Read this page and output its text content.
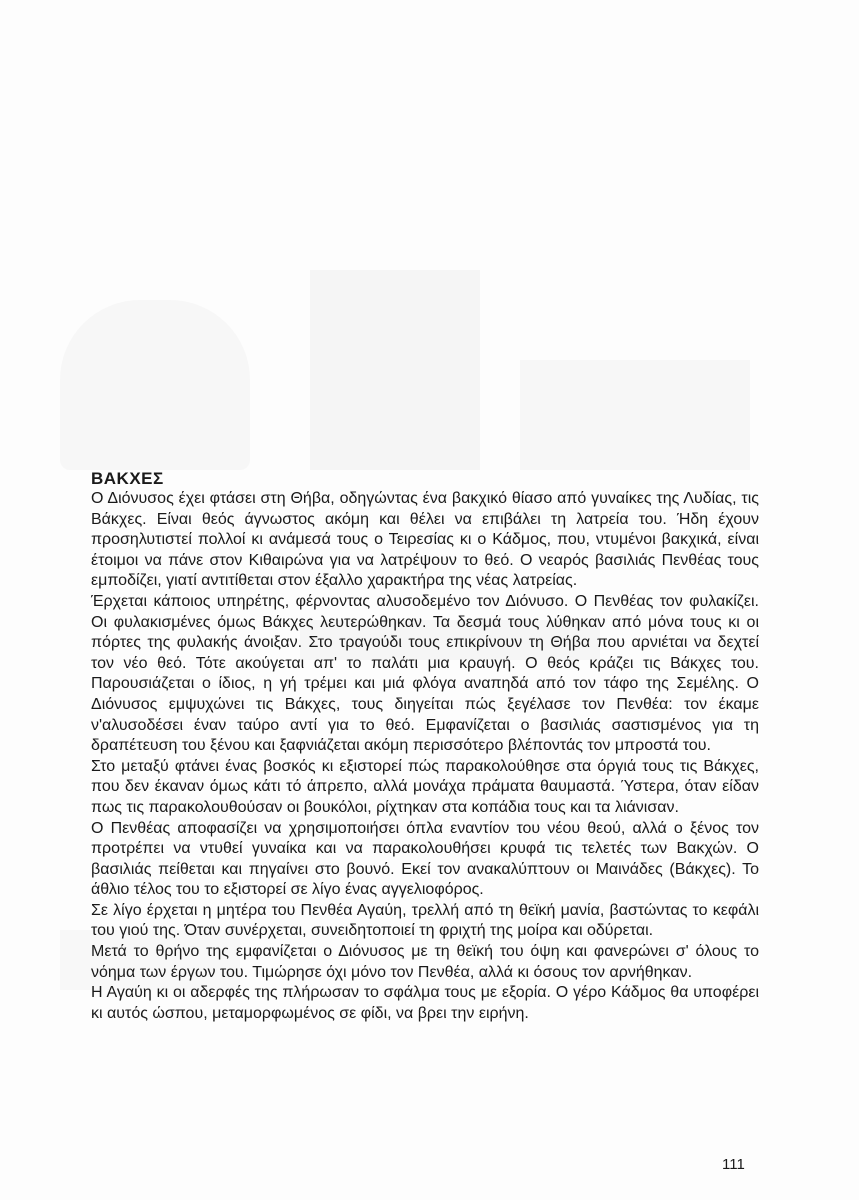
ΒΑΚΧΕΣ

Ο Διόνυσος έχει φτάσει στη Θήβα, οδηγώντας ένα βακχικό θίασο από γυναίκες της Λυδίας, τις Βάκχες. Είναι θεός άγνωστος ακόμη και θέλει να επιβάλει τη λατρεία του. Ήδη έχουν προσηλυτιστεί πολλοί κι ανάμεσά τους ο Τειρεσίας κι ο Κάδμος, που, ντυμένοι βακχικά, είναι έτοιμοι να πάνε στον Κιθαιρώνα για να λατρέψουν το θεό. Ο νεαρός βασιλιάς Πενθέας τους εμποδίζει, γιατί αντιτίθεται στον έξαλλο χαρακτήρα της νέας λατρείας.

Έρχεται κάποιος υπηρέτης, φέρνοντας αλυσοδεμένο τον Διόνυσο. Ο Πενθέας τον φυλακίζει. Οι φυλακισμένες όμως Βάκχες λευτερώθηκαν. Τα δεσμά τους λύθηκαν από μόνα τους κι οι πόρτες της φυλακής άνοιξαν. Στο τραγούδι τους επικρίνουν τη Θήβα που αρνιέται να δεχτεί τον νέο θεό. Τότε ακούγεται απ' το παλάτι μια κραυγή. Ο θεός κράζει τις Βάκχες του. Παρουσιάζεται ο ίδιος, η γή τρέμει και μιά φλόγα αναπηδά από τον τάφο της Σεμέλης. Ο Διόνυσος εμψυχώνει τις Βάκχες, τους διηγείται πώς ξεγέλασε τον Πενθέα: τον έκαμε ν'αλυσοδέσει έναν ταύρο αντί για το θεό. Εμφανίζεται ο βασιλιάς σαστισμένος για τη δραπέτευση του ξένου και ξαφνιάζεται ακόμη περισσότερο βλέποντάς τον μπροστά του.

Στο μεταξύ φτάνει ένας βοσκός κι εξιστορεί πώς παρακολούθησε στα όργιά τους τις Βάκχες, που δεν έκαναν όμως κάτι τό άπρεπο, αλλά μονάχα πράματα θαυμαστά. Ύστερα, όταν είδαν πως τις παρακολουθούσαν οι βουκόλοι, ρίχτηκαν στα κοπάδια τους και τα λιάνισαν.

Ο Πενθέας αποφασίζει να χρησιμοποιήσει όπλα εναντίον του νέου θεού, αλλά ο ξένος τον προτρέπει να ντυθεί γυναίκα και να παρακολουθήσει κρυφά τις τελετές των Βακχών. Ο βασιλιάς πείθεται και πηγαίνει στο βουνό. Εκεί τον ανακαλύπτουν οι Μαινάδες (Βάκχες). Το άθλιο τέλος του το εξιστορεί σε λίγο ένας αγγελιοφόρος.

Σε λίγο έρχεται η μητέρα του Πενθέα Αγαύη, τρελλή από τη θεϊκή μανία, βαστώντας το κεφάλι του γιού της. Όταν συνέρχεται, συνειδητοποιεί τη φριχτή της μοίρα και οδύρεται.

Μετά το θρήνο της εμφανίζεται ο Διόνυσος με τη θεϊκή του όψη και φανερώνει σ' όλους το νόημα των έργων του. Τιμώρησε όχι μόνο τον Πενθέα, αλλά κι όσους τον αρνήθηκαν.

Η Αγαύη κι οι αδερφές της πλήρωσαν το σφάλμα τους με εξορία. Ο γέρο Κάδμος θα υποφέρει κι αυτός ώσπου, μεταμορφωμένος σε φίδι, να βρει την ειρήνη.

111
